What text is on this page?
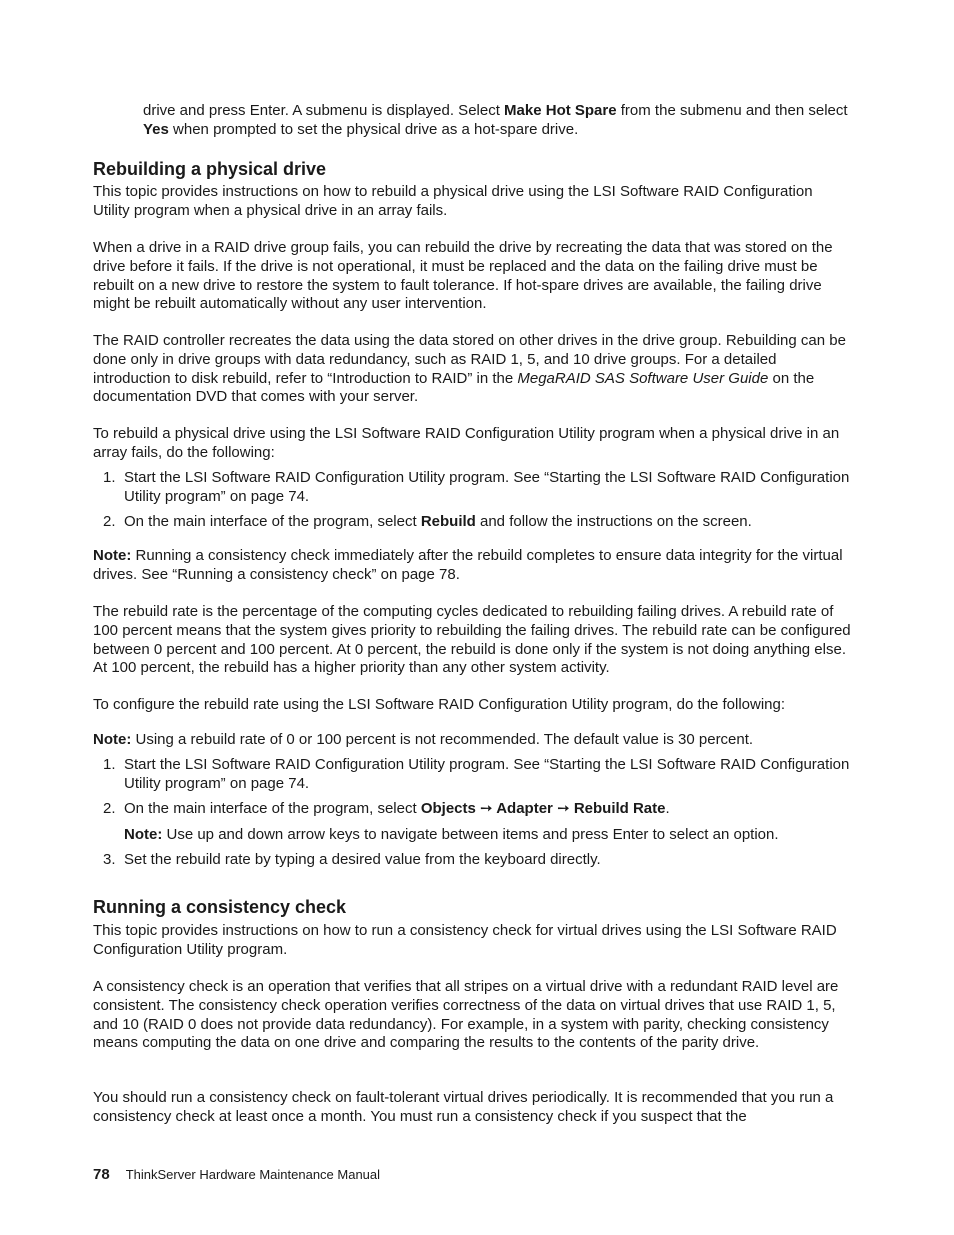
drive and press Enter. A submenu is displayed. Select Make Hot Spare from the submenu and then select Yes when prompted to set the physical drive as a hot-spare drive.

Rebuilding a physical drive

This topic provides instructions on how to rebuild a physical drive using the LSI Software RAID Configuration Utility program when a physical drive in an array fails.

When a drive in a RAID drive group fails, you can rebuild the drive by recreating the data that was stored on the drive before it fails. If the drive is not operational, it must be replaced and the data on the failing drive must be rebuilt on a new drive to restore the system to fault tolerance. If hot-spare drives are available, the failing drive might be rebuilt automatically without any user intervention.

The RAID controller recreates the data using the data stored on other drives in the drive group. Rebuilding can be done only in drive groups with data redundancy, such as RAID 1, 5, and 10 drive groups. For a detailed introduction to disk rebuild, refer to “Introduction to RAID” in the MegaRAID SAS Software User Guide on the documentation DVD that comes with your server.

To rebuild a physical drive using the LSI Software RAID Configuration Utility program when a physical drive in an array fails, do the following:

1. Start the LSI Software RAID Configuration Utility program. See “Starting the LSI Software RAID Configuration Utility program” on page 74.
2. On the main interface of the program, select Rebuild and follow the instructions on the screen.

Note: Running a consistency check immediately after the rebuild completes to ensure data integrity for the virtual drives. See “Running a consistency check” on page 78.

The rebuild rate is the percentage of the computing cycles dedicated to rebuilding failing drives. A rebuild rate of 100 percent means that the system gives priority to rebuilding the failing drives. The rebuild rate can be configured between 0 percent and 100 percent. At 0 percent, the rebuild is done only if the system is not doing anything else. At 100 percent, the rebuild has a higher priority than any other system activity.

To configure the rebuild rate using the LSI Software RAID Configuration Utility program, do the following:

Note: Using a rebuild rate of 0 or 100 percent is not recommended. The default value is 30 percent.

1. Start the LSI Software RAID Configuration Utility program. See “Starting the LSI Software RAID Configuration Utility program” on page 74.
2. On the main interface of the program, select Objects ➙ Adapter ➙ Rebuild Rate.
Note: Use up and down arrow keys to navigate between items and press Enter to select an option.
3. Set the rebuild rate by typing a desired value from the keyboard directly.
Running a consistency check

This topic provides instructions on how to run a consistency check for virtual drives using the LSI Software RAID Configuration Utility program.

A consistency check is an operation that verifies that all stripes on a virtual drive with a redundant RAID level are consistent. The consistency check operation verifies correctness of the data on virtual drives that use RAID 1, 5, and 10 (RAID 0 does not provide data redundancy). For example, in a system with parity, checking consistency means computing the data on one drive and comparing the results to the contents of the parity drive.

You should run a consistency check on fault-tolerant virtual drives periodically. It is recommended that you run a consistency check at least once a month. You must run a consistency check if you suspect that the

78 ThinkServer Hardware Maintenance Manual
